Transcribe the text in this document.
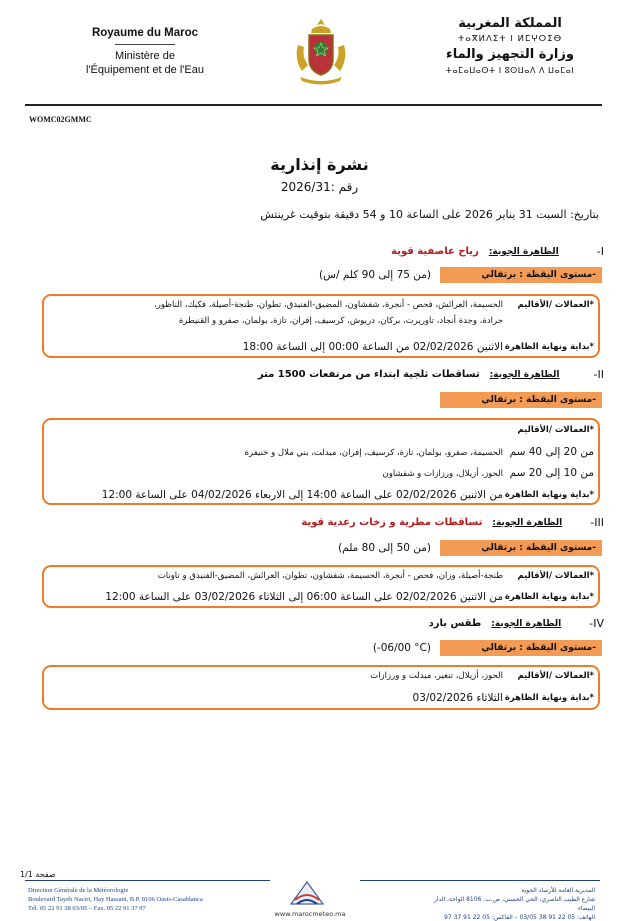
Royaume du Maroc
Ministère de
l'Équipement et de l'Eau
المملكة المغربية
ⵜⴰⴳⵍⴷⵉⵜ ⵏ ⵍⵎⵖⵔⵉⴱ
وزارة التجهيز والماء
ⵜⴰⵎⴰⵡⴰⵙⵜ ⵏ ⵓⵙⵡⴰⴷ ⴷ ⵡⴰⵎⴰⵏ
WOMC02GMMC
نشرة إنذارية
رقم :2026/31
بتاريخ: السبت 31 يناير 2026 على الساعة 10 و 54 دقيقة بتوقيت غرينتش
I-
الظاهرة الجوية:
رياح عاصفية قوية
-مستوى اليقظة : برتقالي
(من 75 إلى 90 كلم /س)
*العمالات /الأقاليم
الحسيمة، العرائش، فحص - أنجرة، شفشاون، المضيق-الفنيدق، تطوان، طنجة-أصيلة، فكيك، الناظور،
جرادة، وجدة أنجاد، تاوريرت، بركان، دريوش، كرسيف، إفران، تازة، بولمان، صفرو و القنيطرة
*بداية ونهاية الظاهرة
الاثنين 02/02/2026 من الساعة 00:00 إلى الساعة 18:00
II-
الظاهرة الجوية:
تساقطات ثلجية ابتداء من مرتفعات 1500 متر
-مستوى اليقظة : برتقالي
*العمالات /الأقاليم
من 20 إلى 40 سم
الحسيمة، صفرو، بولمان، تازة، كرسيف، إفران، ميدلت، بني ملال و خنيفرة
من 10 إلى 20 سم
الحوز، أزيلال، ورزازات و شفشاون
*بداية ونهاية الظاهرة
من الاثنين 02/02/2026 على الساعة 14:00 إلى الاربعاء 04/02/2026 على الساعة 12:00
III-
الظاهرة الجوية:
تساقطات مطرية و زخات رعدية قوية
-مستوى اليقظة : برتقالي
(من 50 إلى 80 ملم)
*العمالات /الأقاليم
طنجة-أصيلة، وزان، فحص - أنجرة، الحسيمة، شفشاون، تطوان، العرائش، المضيق-الفنيدق و تاونات
*بداية ونهاية الظاهرة
من الاثنين 02/02/2026 على الساعة 06:00 إلى الثلاثاء 03/02/2026 على الساعة 12:00
IV-
الظاهرة الجوية:
طقس بارد
-مستوى اليقظة : برتقالي
(-06/00 °C)
*العمالات /الأقاليم
الحوز، أزيلال، تنغير، ميدلت و ورزازات
*بداية ونهاية الظاهرة
الثلاثاء 03/02/2026
صفحة 1/1
Direction Générale de la Météorologie
Boulevard Tayeb Naciri, Hay Hassani, B.P. 8106 Oasis-Casablanca
Tél. 05 22 91 38 03/05 – Fax. 05 22 91 37 97
www.marocmeteo.ma
المديرية العامة للأرصاد الجوية
شارع الطيب الناصري، الحي الحسني، ص.ب. 8106 الواحة، الدار البيضاء
الهاتف: 05 22 91 38 03/05 – الفاكس: 05 22 91 37 97
